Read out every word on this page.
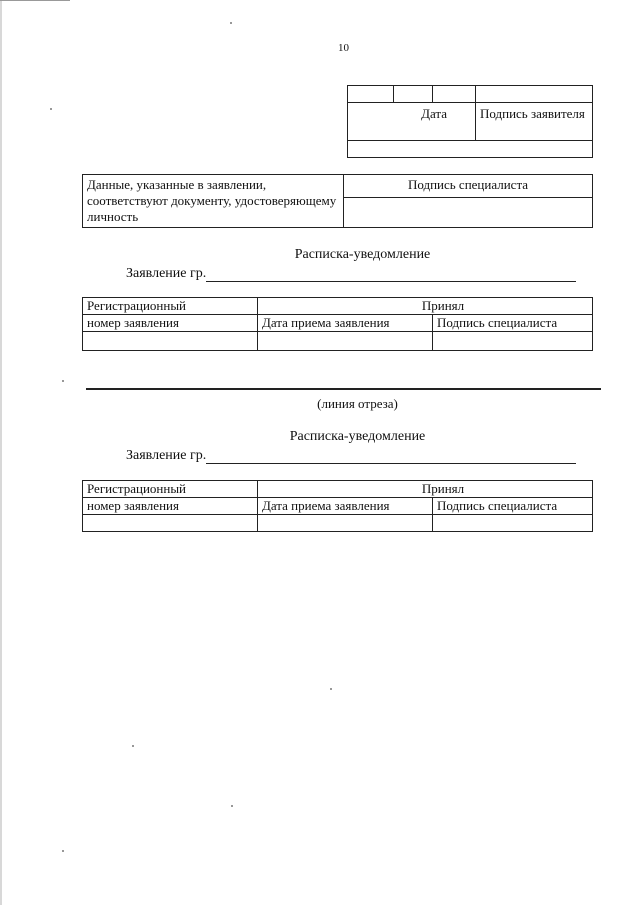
10

Дата			Подпись заявителя

Данные, указанные в заявлении, соответствуют документу, удостоверяющему личность	Подпись специалиста

Расписка-уведомление
Заявление гр.
Регистрационный	Принял	
номер заявления	Дата приема заявления	Подпись специалиста

(линия отреза)
Расписка-уведомление
Заявление гр.
Регистрационный	Принял	
номер заявления	Дата приема заявления	Подпись специалиста
